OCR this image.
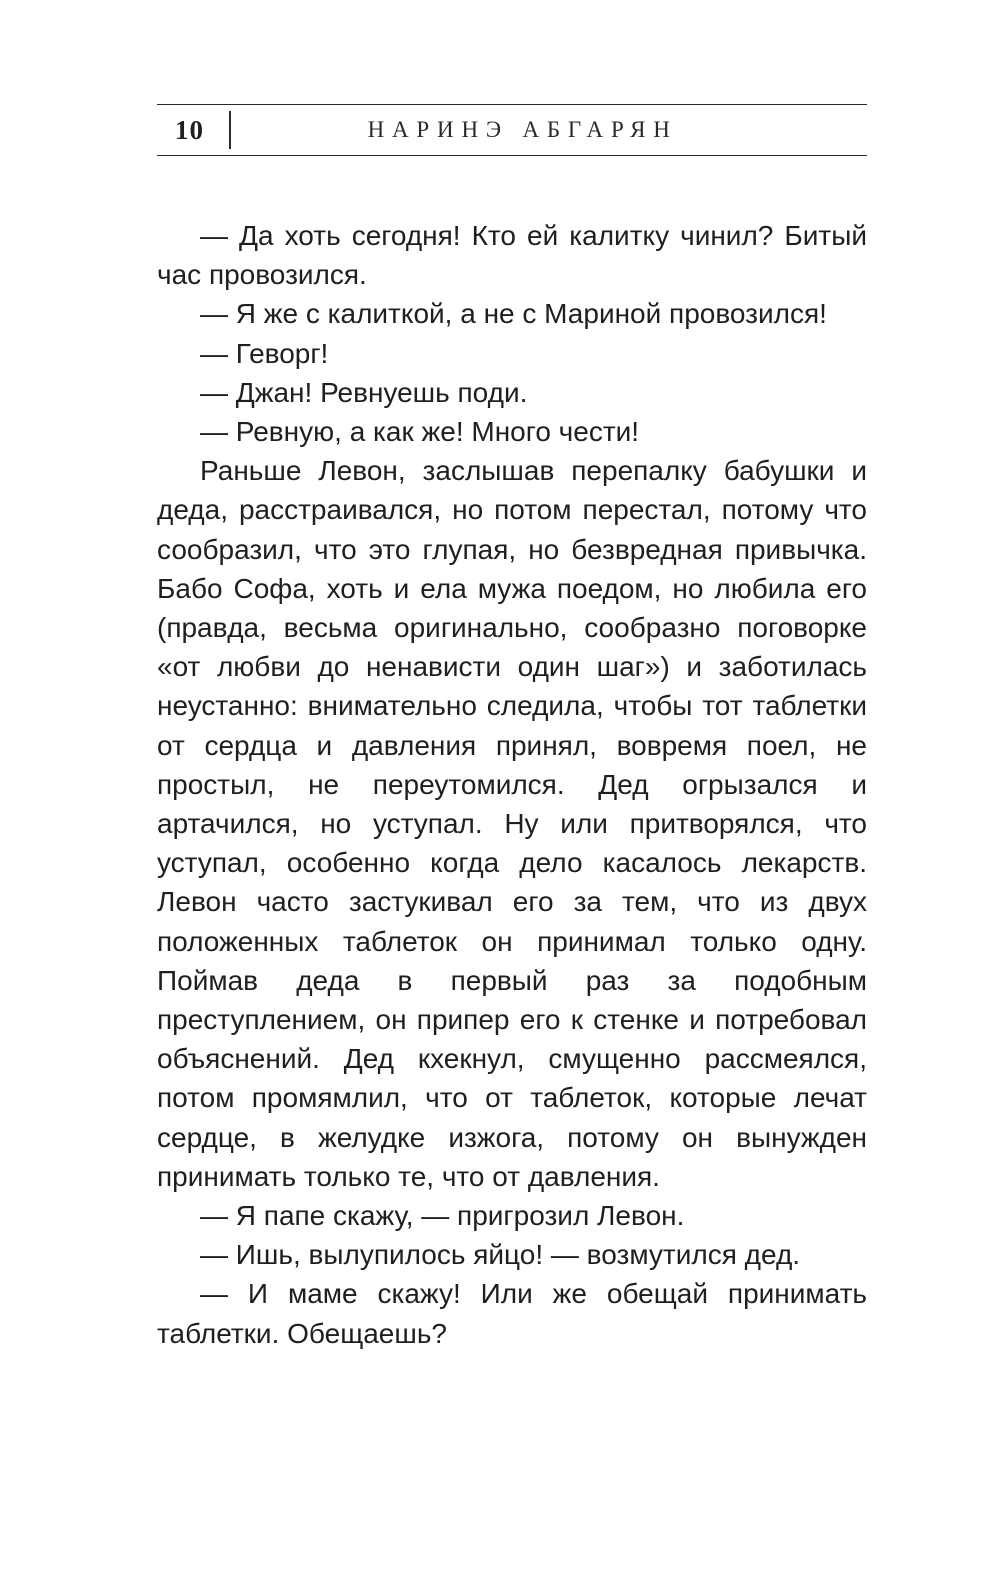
10	НАРИНЭ АБГАРЯН

— Да хоть сегодня! Кто ей калитку чинил? Битый час провозился.

— Я же с калиткой, а не с Мариной провозился!

— Геворг!

— Джан! Ревнуешь поди.

— Ревную, а как же! Много чести!

Раньше Левон, заслышав перепалку бабушки и деда, расстраивался, но потом перестал, потому что сообразил, что это глупая, но безвредная привычка. Бабо Софа, хоть и ела мужа поедом, но любила его (правда, весьма оригинально, сообразно поговорке «от любви до ненависти один шаг») и заботилась неустанно: внимательно следила, чтобы тот таблетки от сердца и давления принял, вовремя поел, не простыл, не переутомился. Дед огрызался и артачился, но уступал. Ну или притворялся, что уступал, особенно когда дело касалось лекарств. Левон часто застукивал его за тем, что из двух положенных таблеток он принимал только одну. Поймав деда в первый раз за подобным преступлением, он припер его к стенке и потребовал объяснений. Дед кхекнул, смущенно рассмеялся, потом промямлил, что от таблеток, которые лечат сердце, в желудке изжога, потому он вынужден принимать только те, что от давления.

— Я папе скажу, — пригрозил Левон.

— Ишь, вылупилось яйцо! — возмутился дед.

— И маме скажу! Или же обещай принимать таблетки. Обещаешь?
